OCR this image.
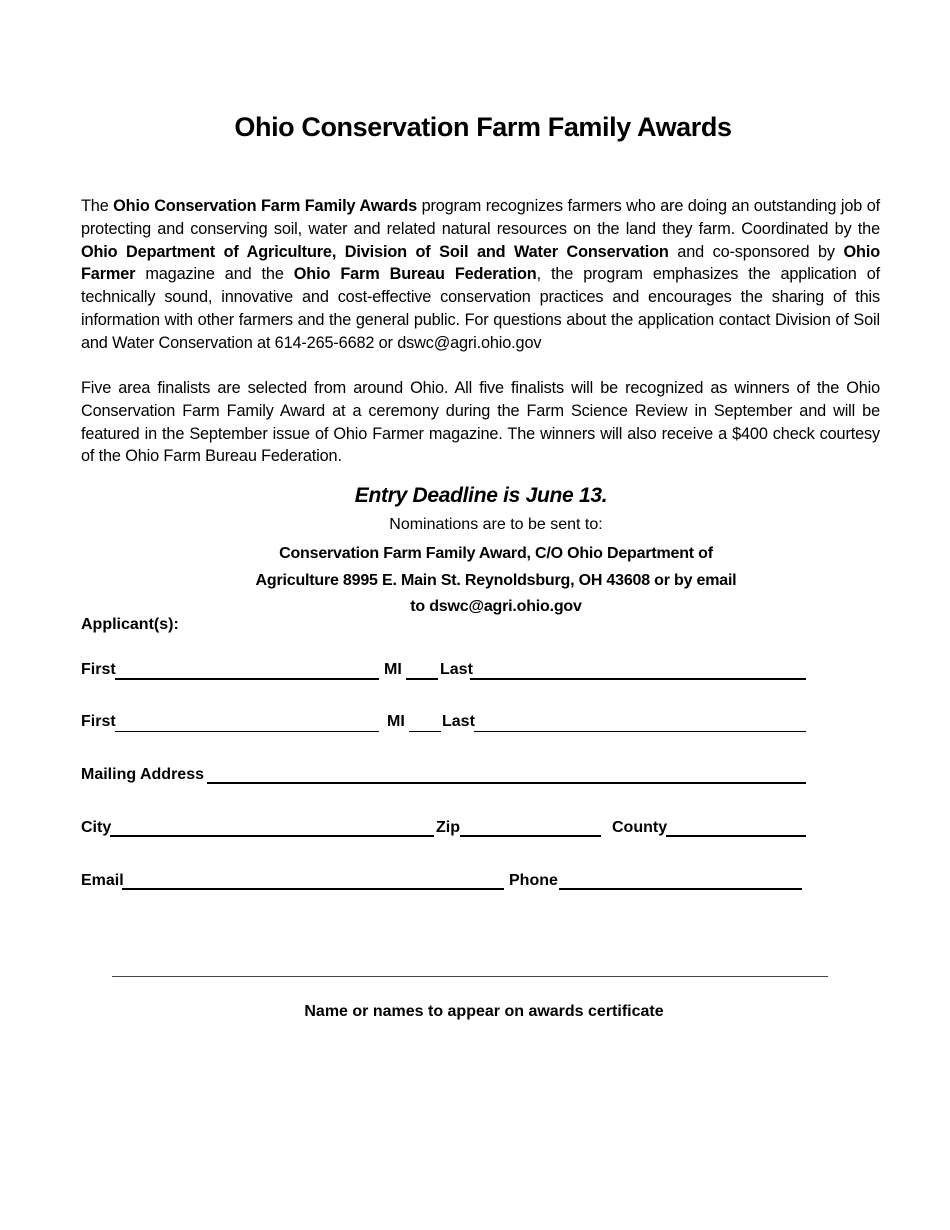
Ohio Conservation Farm Family Awards
The Ohio Conservation Farm Family Awards program recognizes farmers who are doing an outstanding job of protecting and conserving soil, water and related natural resources on the land they farm. Coordinated by the Ohio Department of Agriculture, Division of Soil and Water Conservation and co-sponsored by Ohio Farmer magazine and the Ohio Farm Bureau Federation, the program emphasizes the application of technically sound, innovative and cost-effective conservation practices and encourages the sharing of this information with other farmers and the general public. For questions about the application contact Division of Soil and Water Conservation at 614-265-6682 or dswc@agri.ohio.gov
Five area finalists are selected from around Ohio. All five finalists will be recognized as winners of the Ohio Conservation Farm Family Award at a ceremony during the Farm Science Review in September and will be featured in the September issue of Ohio Farmer magazine. The winners will also receive a $400 check courtesy of the Ohio Farm Bureau Federation.
Entry Deadline is June 13.
Nominations are to be sent to:
Conservation Farm Family Award, C/O Ohio Department of
Agriculture 8995 E. Main St. Reynoldsburg, OH 43608 or by email
to dswc@agri.ohio.gov
Applicant(s):
First	MI Last
First	MI Last
Mailing Address
City	Zip	County
Email	Phone
Name or names to appear on awards certificate
